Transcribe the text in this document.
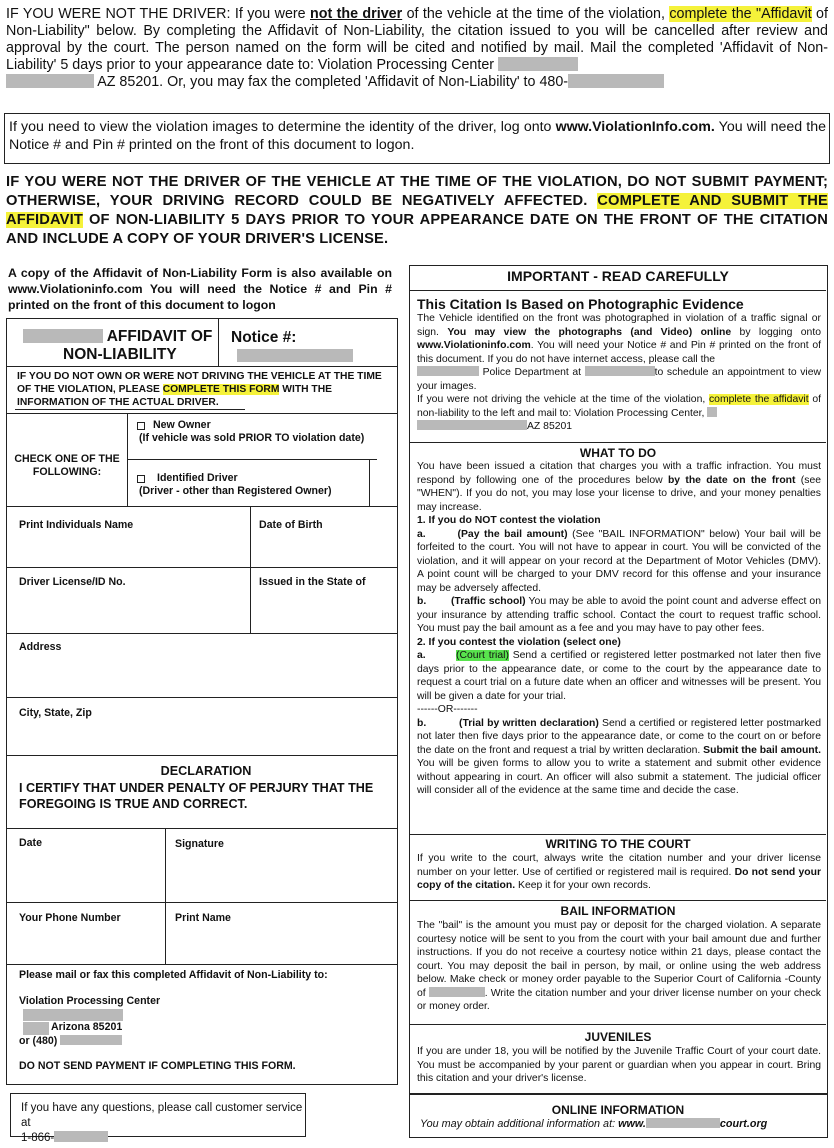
IF YOU WERE NOT THE DRIVER: If you were not the driver of the vehicle at the time of the violation, complete the "Affidavit of Non-Liability" below. By completing the Affidavit of Non-Liability, the citation issued to you will be cancelled after review and approval by the court. The person named on the form will be cited and notified by mail. Mail the completed 'Affidavit of Non-Liability' 5 days prior to your appearance date to: Violation Processing Center
AZ 85201. Or, you may fax the completed 'Affidavit of Non-Liability' to 480-

If you need to view the violation images to determine the identity of the driver, log onto www.ViolationInfo.com. You will need the Notice # and Pin # printed on the front of this document to logon.

IF YOU WERE NOT THE DRIVER OF THE VEHICLE AT THE TIME OF THE VIOLATION, DO NOT SUBMIT PAYMENT; OTHERWISE, YOUR DRIVING RECORD COULD BE NEGATIVELY AFFECTED. COMPLETE AND SUBMIT THE AFFIDAVIT OF NON-LIABILITY 5 DAYS PRIOR TO YOUR APPEARANCE DATE ON THE FRONT OF THE CITATION AND INCLUDE A COPY OF YOUR DRIVER'S LICENSE.

A copy of the Affidavit of Non-Liability Form is also available on www.Violationinfo.com You will need the Notice # and Pin # printed on the front of this document to logon

AFFIDAVIT OF
NON-LIABILITY
Notice #:

IF YOU DO NOT OWN OR WERE NOT DRIVING THE VEHICLE AT THE TIME OF THE VIOLATION, PLEASE COMPLETE THIS FORM WITH THE INFORMATION OF THE ACTUAL DRIVER.

CHECK ONE OF THE FOLLOWING:
New Owner
(If vehicle was sold PRIOR TO violation date)
Identified Driver
(Driver - other than Registered Owner)
Print Individuals Name	Date of Birth
Driver License/ID No.	Issued in the State of
Address
City, State, Zip
DECLARATION
I CERTIFY THAT UNDER PENALTY OF PERJURY THAT THE FOREGOING IS TRUE AND CORRECT.
Date	Signature
Your Phone Number	Print Name
Please mail or fax this completed Affidavit of Non-Liability to:
Violation Processing Center
Arizona 85201
or (480)
DO NOT SEND PAYMENT IF COMPLETING THIS FORM.
If you have any questions, please call customer service at
1-866-
IMPORTANT - READ CAREFULLY
This Citation Is Based on Photographic Evidence

The Vehicle identified on the front was photographed in violation of a traffic signal or sign. You may view the photographs (and Video) online by logging onto www.Violationinfo.com. You will need your Notice # and Pin # printed on the front of this document. If you do not have internet access, please call the
Police Department at	to schedule an appointment to view your images.
If you were not driving the vehicle at the time of the violation, complete the affidavit of non-liability to the left and mail to: Violation Processing Center,
AZ 85201

WHAT TO DO

You have been issued a citation that charges you with a traffic infraction. You must respond by following one of the procedures below by the date on the front (see "WHEN"). If you do not, you may lose your license to drive, and your money penalties may increase.

1. If you do NOT contest the violation

a.	(Pay the bail amount) (See "BAIL INFORMATION" below) Your bail will be forfeited to the court. You will not have to appear in court. You will be convicted of the violation, and it will appear on your record at the Department of Motor Vehicles (DMV). A point count will be charged to your DMV record for this offense and your insurance may be adversely affected.

b. (Traffic school) You may be able to avoid the point count and adverse effect on your insurance by attending traffic school. Contact the court to request traffic school. You must pay the bail amount as a fee and you may have to pay other fees.

2. If you contest the violation (select one)

a.	(Court trial) Send a certified or registered letter postmarked not later then five days prior to the appearance date, or come to the court by the appearance date to request a court trial on a future date when an officer and witnesses will be present. You will be given a date for your trial.

------OR-------

b.	(Trial by written declaration) Send a certified or registered letter postmarked not later then five days prior to the appearance date, or come to the court on or before the date on the front and request a trial by written declaration. Submit the bail amount. You will be given forms to allow you to write a statement and submit other evidence without appearing in court. An officer will also submit a statement. The judicial officer will consider all of the evidence at the same time and decide the case.

WRITING TO THE COURT

If you write to the court, always write the citation number and your driver license number on your letter. Use of certified or registered mail is required. Do not send your copy of the citation. Keep it for your own records.

BAIL INFORMATION

The "bail" is the amount you must pay or deposit for the charged violation. A separate courtesy notice will be sent to you from the court with your bail amount due and further instructions. If you do not receive a courtesy notice within 21 days, please contact the court. You may deposit the bail in person, by mail, or online using the web address below. Make check or money order payable to the Superior Court of California -County of	. Write the citation number and your driver license number on your check or money order.

JUVENILES

If you are under 18, you will be notified by the Juvenile Traffic Court of your court date. You must be accompanied by your parent or guardian when you appear in court. Bring this citation and your driver's license.

ONLINE INFORMATION
You may obtain additional information at: www.	court.org
